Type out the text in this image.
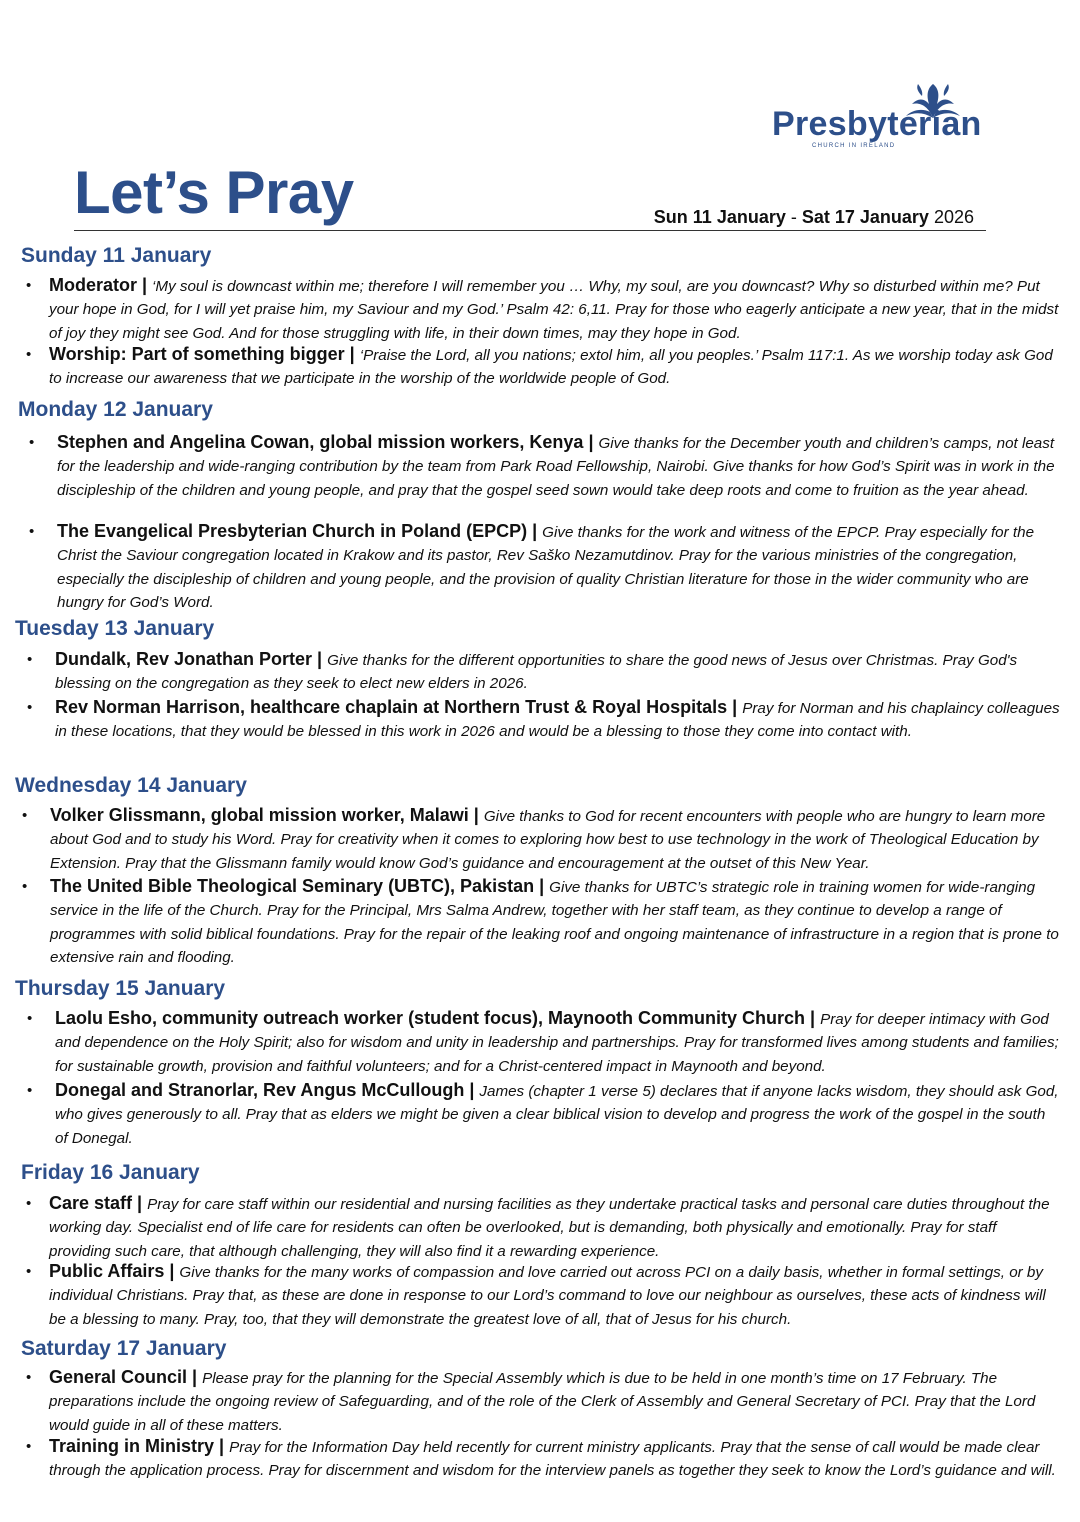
Presbyterian
CHURCH IN IRELAND
Let’s Pray	Sun 11 January - Sat 17 January 2026
Sunday 11 January
• Moderator | ‘My soul is downcast within me; therefore I will remember you … Why, my soul, are you downcast? Why so disturbed within me? Put your hope in God, for I will yet praise him, my Saviour and my God.’ Psalm 42: 6,11. Pray for those who eagerly anticipate a new year, that in the midst of joy they might see God. And for those struggling with life, in their down times, may they hope in God.
• Worship: Part of something bigger | ‘Praise the Lord, all you nations; extol him, all you peoples.’ Psalm 117:1. As we worship today ask God to increase our awareness that we participate in the worship of the worldwide people of God.
Monday 12 January
• Stephen and Angelina Cowan, global mission workers, Kenya | Give thanks for the December youth and children’s camps, not least for the leadership and wide-ranging contribution by the team from Park Road Fellowship, Nairobi. Give thanks for how God’s Spirit was in work in the discipleship of the children and young people, and pray that the gospel seed sown would take deep roots and come to fruition as the year ahead.
• The Evangelical Presbyterian Church in Poland (EPCP) | Give thanks for the work and witness of the EPCP. Pray especially for the Christ the Saviour congregation located in Krakow and its pastor, Rev Saško Nezamutdinov. Pray for the various ministries of the congregation, especially the discipleship of children and young people, and the provision of quality Christian literature for those in the wider community who are hungry for God’s Word.
Tuesday 13 January
• Dundalk, Rev Jonathan Porter | Give thanks for the different opportunities to share the good news of Jesus over Christmas. Pray God's blessing on the congregation as they seek to elect new elders in 2026.
• Rev Norman Harrison, healthcare chaplain at Northern Trust & Royal Hospitals | Pray for Norman and his chaplaincy colleagues in these locations, that they would be blessed in this work in 2026 and would be a blessing to those they come into contact with.
Wednesday 14 January
• Volker Glissmann, global mission worker, Malawi | Give thanks to God for recent encounters with people who are hungry to learn more about God and to study his Word. Pray for creativity when it comes to exploring how best to use technology in the work of Theological Education by Extension. Pray that the Glissmann family would know God’s guidance and encouragement at the outset of this New Year.
• The United Bible Theological Seminary (UBTC), Pakistan | Give thanks for UBTC’s strategic role in training women for wide-ranging service in the life of the Church. Pray for the Principal, Mrs Salma Andrew, together with her staff team, as they continue to develop a range of programmes with solid biblical foundations. Pray for the repair of the leaking roof and ongoing maintenance of infrastructure in a region that is prone to extensive rain and flooding.
Thursday 15 January
• Laolu Esho, community outreach worker (student focus), Maynooth Community Church | Pray for deeper intimacy with God and dependence on the Holy Spirit; also for wisdom and unity in leadership and partnerships. Pray for transformed lives among students and families; for sustainable growth, provision and faithful volunteers; and for a Christ-centered impact in Maynooth and beyond.
• Donegal and Stranorlar, Rev Angus McCullough | James (chapter 1 verse 5) declares that if anyone lacks wisdom, they should ask God, who gives generously to all. Pray that as elders we might be given a clear biblical vision to develop and progress the work of the gospel in the south of Donegal.
Friday 16 January
• Care staff | Pray for care staff within our residential and nursing facilities as they undertake practical tasks and personal care duties throughout the working day. Specialist end of life care for residents can often be overlooked, but is demanding, both physically and emotionally. Pray for staff providing such care, that although challenging, they will also find it a rewarding experience.
• Public Affairs | Give thanks for the many works of compassion and love carried out across PCI on a daily basis, whether in formal settings, or by individual Christians. Pray that, as these are done in response to our Lord’s command to love our neighbour as ourselves, these acts of kindness will be a blessing to many. Pray, too, that they will demonstrate the greatest love of all, that of Jesus for his church.
Saturday 17 January
• General Council | Please pray for the planning for the Special Assembly which is due to be held in one month’s time on 17 February. The preparations include the ongoing review of Safeguarding, and of the role of the Clerk of Assembly and General Secretary of PCI. Pray that the Lord would guide in all of these matters.
• Training in Ministry | Pray for the Information Day held recently for current ministry applicants. Pray that the sense of call would be made clear through the application process. Pray for discernment and wisdom for the interview panels as together they seek to know the Lord’s guidance and will.
